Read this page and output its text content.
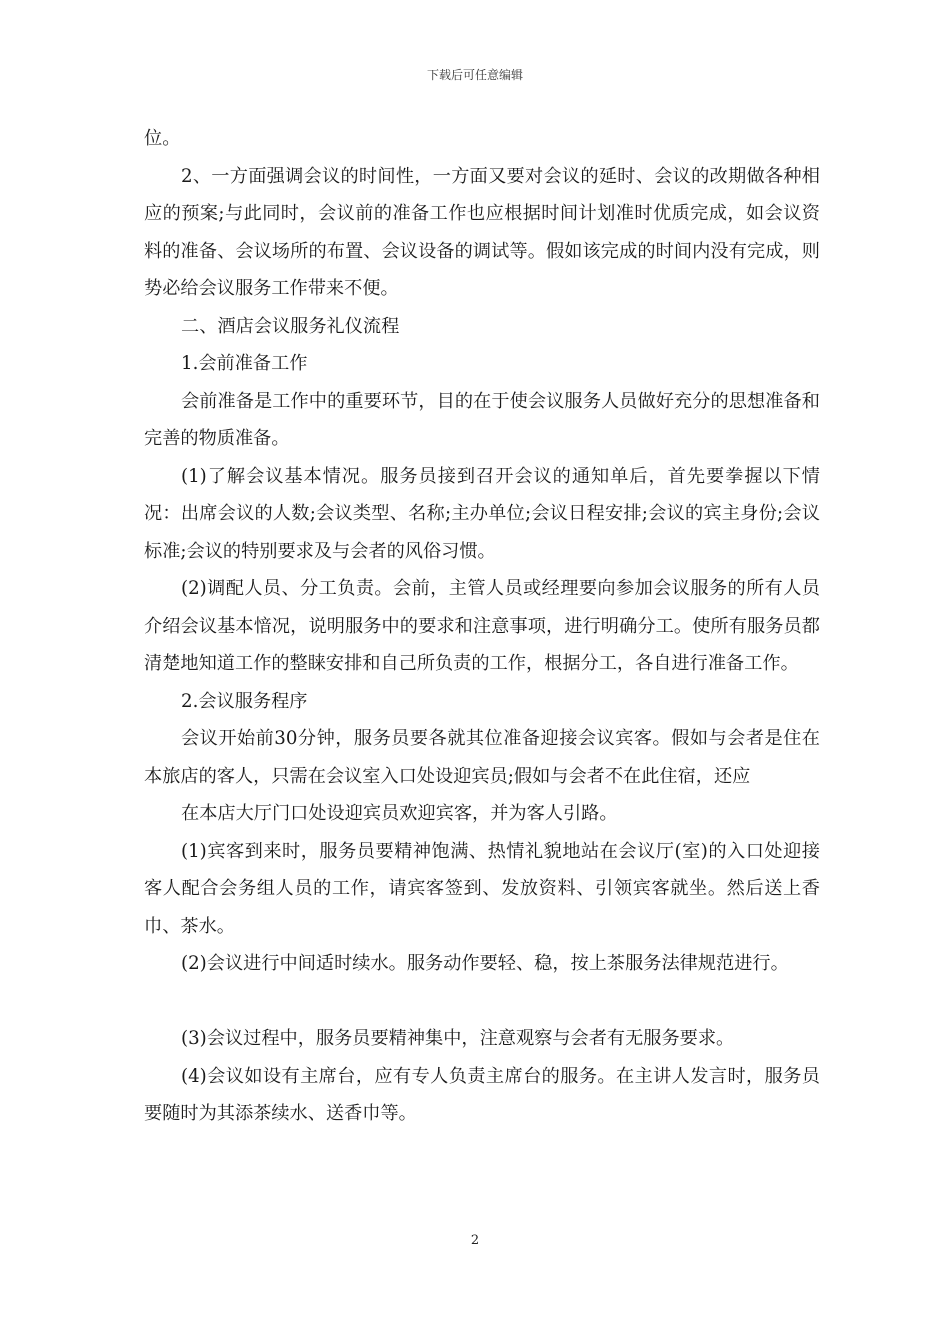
下载后可任意编辑

位。

2、一方面强调会议的时间性，一方面又要对会议的延时、会议的改期做各种相应的预案;与此同时，会议前的准备工作也应根据时间计划准时优质完成，如会议资料的准备、会议场所的布置、会议设备的调试等。假如该完成的时间内没有完成，则势必给会议服务工作带来不便。

二、酒店会议服务礼仪流程

1.会前准备工作

会前准备是工作中的重要环节，目的在于使会议服务人员做好充分的思想准备和完善的物质准备。

(1)了解会议基本情况。服务员接到召开会议的通知单后，首先要拳握以下情况：出席会议的人数;会议类型、名称;主办单位;会议日程安排;会议的宾主身份;会议标准;会议的特别要求及与会者的风俗习惯。

(2)调配人员、分工负责。会前，主管人员或经理要向参加会议服务的所有人员介绍会议基本愔况，说明服务中的要求和注意事项，进行明确分工。使所有服务员都清楚地知道工作的整睐安排和自己所负责的工作，根据分工，各自进行准备工作。

2.会议服务程序

会议开始前30分钟，服务员要各就其位准备迎接会议宾客。假如与会者是住在本旅店的客人，只需在会议室入口处设迎宾员;假如与会者不在此住宿，还应

在本店大厅门口处设迎宾员欢迎宾客，并为客人引路。

(1)宾客到来时，服务员要精神饱满、热情礼貌地站在会议厅(室)的入口处迎接客人配合会务组人员的工作，请宾客签到、发放资料、引领宾客就坐。然后送上香巾、茶水。

(2)会议进行中间适时续水。服务动作要轻、稳，按上茶服务法律规范进行。

(3)会议过程中，服务员要精神集中，注意观察与会者有无服务要求。

(4)会议如设有主席台，应有专人负责主席台的服务。在主讲人发言时，服务员要随时为其添茶续水、送香巾等。

2
